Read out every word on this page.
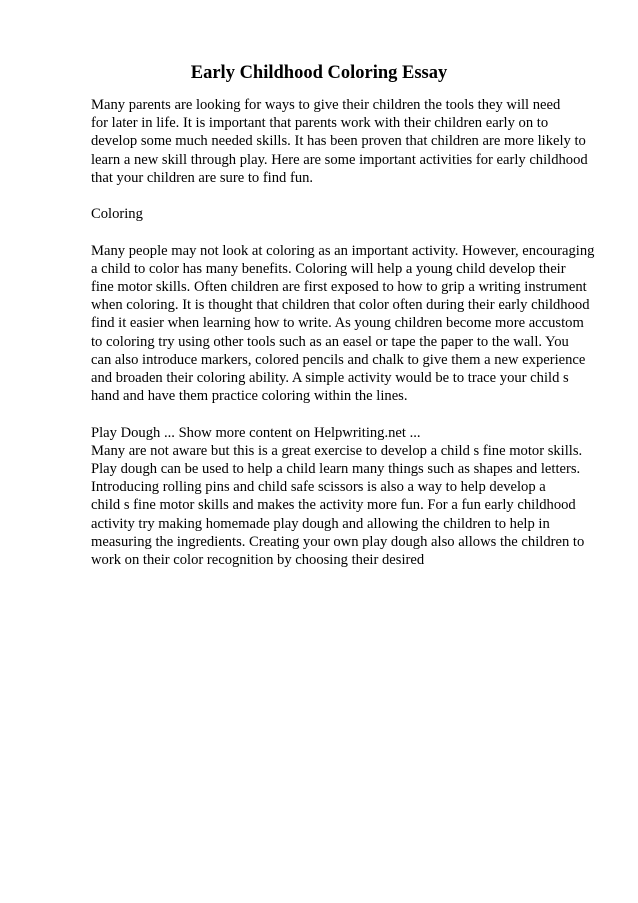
Early Childhood Coloring Essay
Many parents are looking for ways to give their children the tools they will need
for later in life. It is important that parents work with their children early on to
develop some much needed skills. It has been proven that children are more likely to
learn a new skill through play. Here are some important activities for early childhood
that your children are sure to find fun.
Coloring
Many people may not look at coloring as an important activity. However, encouraging
a child to color has many benefits. Coloring will help a young child develop their
fine motor skills. Often children are first exposed to how to grip a writing instrument
when coloring. It is thought that children that color often during their early childhood
find it easier when learning how to write. As young children become more accustom
to coloring try using other tools such as an easel or tape the paper to the wall. You
can also introduce markers, colored pencils and chalk to give them a new experience
and broaden their coloring ability. A simple activity would be to trace your child s
hand and have them practice coloring within the lines.
Play Dough ... Show more content on Helpwriting.net ...
Many are not aware but this is a great exercise to develop a child s fine motor skills.
Play dough can be used to help a child learn many things such as shapes and letters.
Introducing rolling pins and child safe scissors is also a way to help develop a
child s fine motor skills and makes the activity more fun. For a fun early childhood
activity try making homemade play dough and allowing the children to help in
measuring the ingredients. Creating your own play dough also allows the children to
work on their color recognition by choosing their desired
